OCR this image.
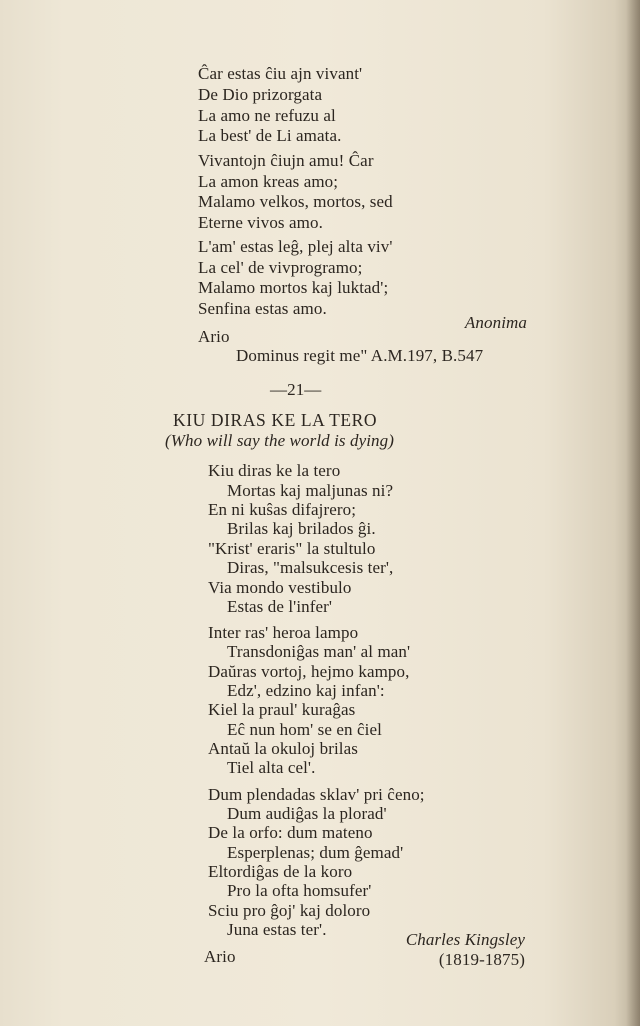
Ĉar estas ĉiu ajn vivant'
De Dio prizorgata
La amo ne refuzu al
La best' de Li amata.
Vivantojn ĉiujn amu! Ĉar
La amon kreas amo;
Malamo velkos, mortos, sed
Eterne vivos amo.
L'am' estas leĝ, plej alta viv'
La cel' de vivprogramo;
Malamo mortos kaj luktad';
Senfina estas amo.
Anonima
Ario
Dominus regit me" A.M.197, B.547
—21—
KIU DIRAS KE LA TERO
(Who will say the world is dying)
Kiu diras ke la tero
Mortas kaj maljunas ni?
En ni kuŝas difajrero;
Brilas kaj brilados ĝi.
"Krist' eraris" la stultulo
Diras, "malsukcesis ter',
Via mondo vestibulo
Estas de l'infer'
Inter ras' heroa lampo
Transdoniĝas man' al man'
Daŭras vortoj, hejmo kampo,
Edz', edzino kaj infan':
Kiel la praul' kuraĝas
Eĉ nun hom' se en ĉiel
Antaŭ la okuloj brilas
Tiel alta cel'.
Dum plendadas sklav' pri ĉeno;
Dum audiĝas la plorad'
De la orfo: dum mateno
Esperplenas; dum ĝemad'
Eltordiĝas de la koro
Pro la ofta homsufer'
Sciu pro ĝoj' kaj doloro
Juna estas ter'.
Charles Kingsley
(1819-1875)
Ario
